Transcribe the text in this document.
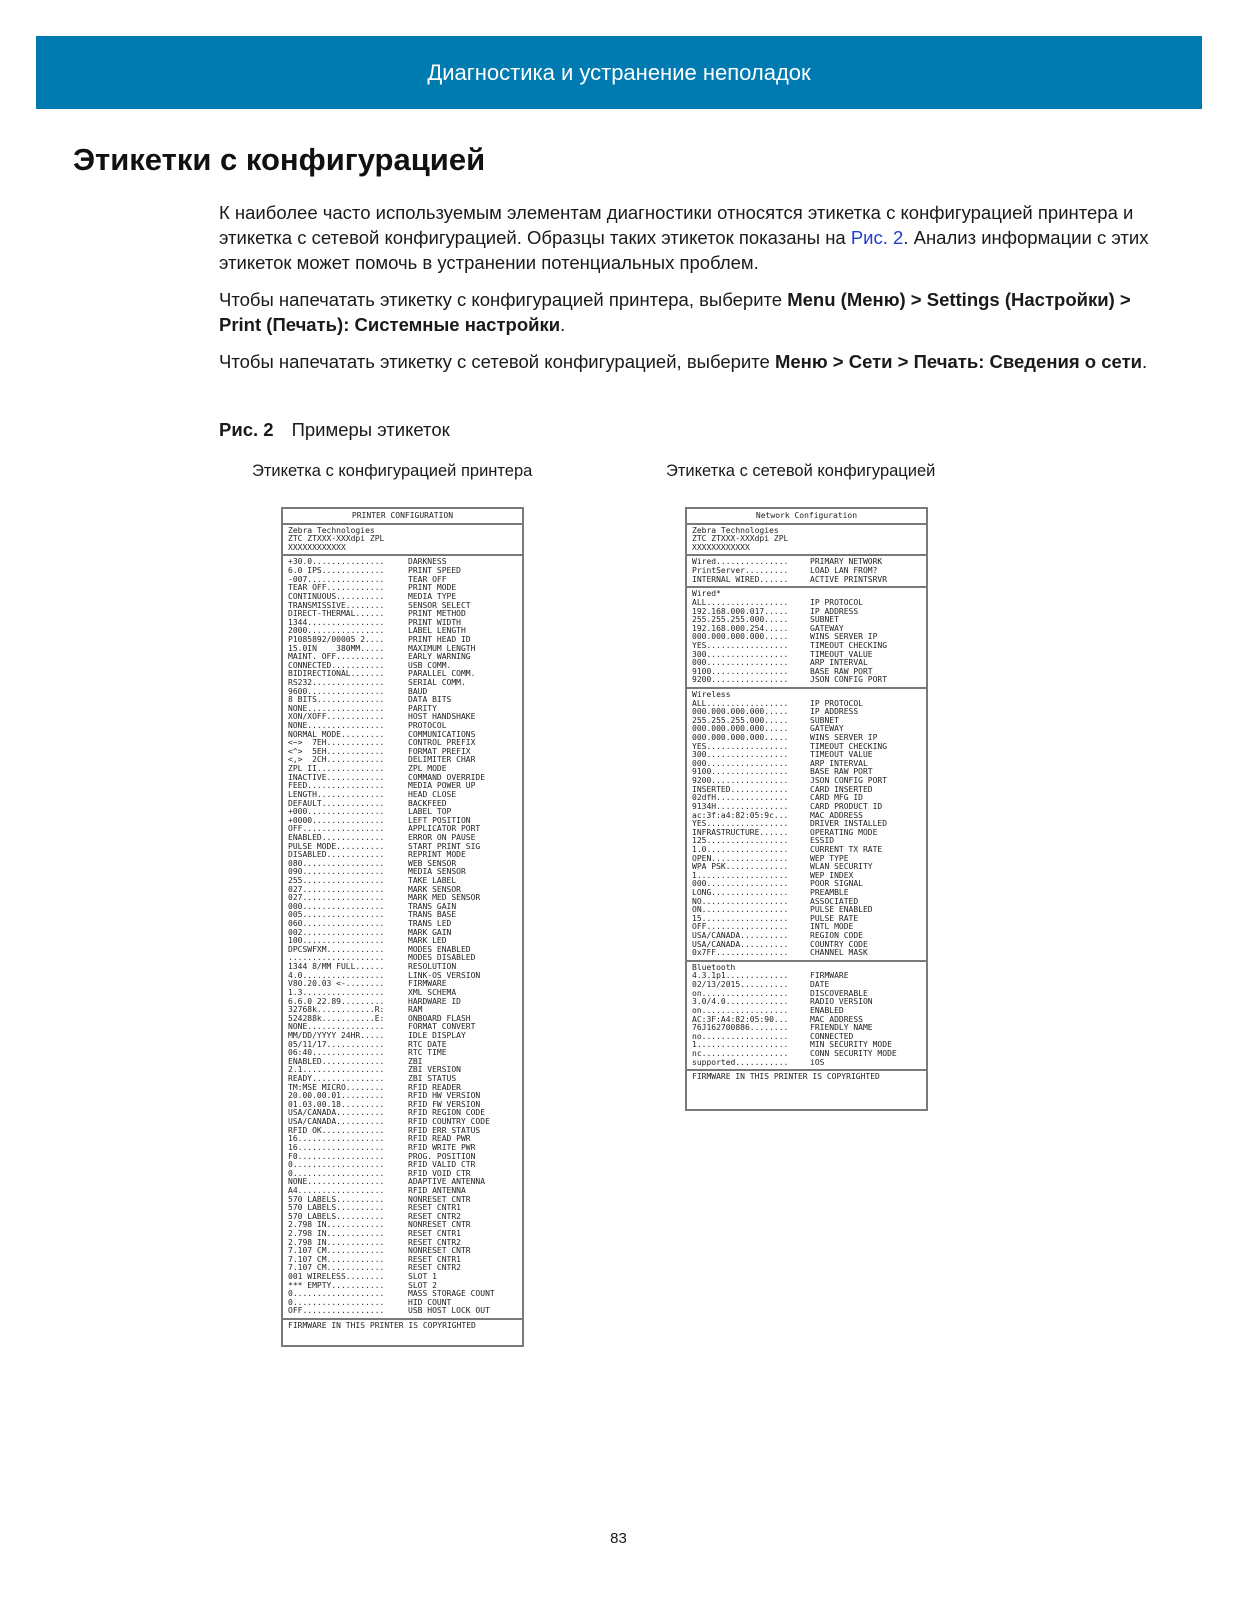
Диагностика и устранение неполадок
Этикетки с конфигурацией

К наиболее часто используемым элементам диагностики относятся этикетка с конфигурацией принтера и этикетка с сетевой конфигурацией. Образцы таких этикеток показаны на Рис. 2. Анализ информации с этих этикеток может помочь в устранении потенциальных проблем.

Чтобы напечатать этикетку с конфигурацией принтера, выберите Menu (Меню) > Settings (Настройки) > Print (Печать): Системные настройки.

Чтобы напечатать этикетку с сетевой конфигурацией, выберите Меню > Сети > Печать: Сведения о сети.

Рис. 2 Примеры этикеток
Этикетка с конфигурацией принтера	Этикетка с сетевой конфигурацией
PRINTER CONFIGURATION
Zebra Technologies
ZTC ZTXXX-XXXdpi ZPL
XXXXXXXXXXXX
+30.0...............	DARKNESS
6.0 IPS.............	PRINT SPEED
-007................	TEAR OFF
TEAR OFF............	PRINT MODE
CONTINUOUS..........	MEDIA TYPE
TRANSMISSIVE........	SENSOR SELECT
DIRECT-THERMAL......	PRINT METHOD
1344................	PRINT WIDTH
2000................	LABEL LENGTH
P1085892/00005 2....	PRINT HEAD ID
15.0IN    380MM.....	MAXIMUM LENGTH
MAINT. OFF..........	EARLY WARNING
CONNECTED...........	USB COMM.
BIDIRECTIONAL.......	PARALLEL COMM.
RS232...............	SERIAL COMM.
9600................	BAUD
8 BITS..............	DATA BITS
NONE................	PARITY
XON/XOFF............	HOST HANDSHAKE
NONE................	PROTOCOL
NORMAL MODE.........	COMMUNICATIONS
<~>  7EH............	CONTROL PREFIX
<^>  5EH............	FORMAT PREFIX
<,>  2CH............	DELIMITER CHAR
ZPL II..............	ZPL MODE
INACTIVE............	COMMAND OVERRIDE
FEED................	MEDIA POWER UP
LENGTH..............	HEAD CLOSE
DEFAULT.............	BACKFEED
+000................	LABEL TOP
+0000...............	LEFT POSITION
OFF.................	APPLICATOR PORT
ENABLED.............	ERROR ON PAUSE
PULSE MODE..........	START PRINT SIG
DISABLED............	REPRINT MODE
080.................	WEB SENSOR
090.................	MEDIA SENSOR
255.................	TAKE LABEL
027.................	MARK SENSOR
027.................	MARK MED SENSOR
000.................	TRANS GAIN
005.................	TRANS BASE
060.................	TRANS LED
002.................	MARK GAIN
100.................	MARK LED
DPCSWFXM............	MODES ENABLED
....................	MODES DISABLED
1344 8/MM FULL......	RESOLUTION
4.0.................	LINK-OS VERSION
V80.20.03 <-........	FIRMWARE
1.3.................	XML SCHEMA
6.6.0 22.89.........	HARDWARE ID
32768k............R:	RAM
524288k...........E:	ONBOARD FLASH
NONE................	FORMAT CONVERT
MM/DD/YYYY 24HR.....	IDLE DISPLAY
05/11/17............	RTC DATE
06:40...............	RTC TIME
ENABLED.............	ZBI
2.1.................	ZBI VERSION
READY...............	ZBI STATUS
TM:MSE MICRO........	RFID READER
20.00.00.01.........	RFID HW VERSION
01.03.00.18.........	RFID FW VERSION
USA/CANADA..........	RFID REGION CODE
USA/CANADA..........	RFID COUNTRY CODE
RFID OK.............	RFID ERR STATUS
16..................	RFID READ PWR
16..................	RFID WRITE PWR
F0..................	PROG. POSITION
0...................	RFID VALID CTR
0...................	RFID VOID CTR
NONE................	ADAPTIVE ANTENNA
A4..................	RFID ANTENNA
570 LABELS..........	NONRESET CNTR
570 LABELS..........	RESET CNTR1
570 LABELS..........	RESET CNTR2
2.798 IN............	NONRESET CNTR
2.798 IN............	RESET CNTR1
2.798 IN............	RESET CNTR2
7.107 CM............	NONRESET CNTR
7.107 CM............	RESET CNTR1
7.107 CM............	RESET CNTR2
001 WIRELESS........	SLOT 1
*** EMPTY...........	SLOT 2
0...................	MASS STORAGE COUNT
0...................	HID COUNT
OFF.................	USB HOST LOCK OUT
FIRMWARE IN THIS PRINTER IS COPYRIGHTED
Network Configuration
Zebra Technologies
ZTC ZTXXX-XXXdpi ZPL
XXXXXXXXXXXX
Wired...............	PRIMARY NETWORK
PrintServer.........	LOAD LAN FROM?
INTERNAL WIRED......	ACTIVE PRINTSRVR
Wired*
ALL.................	IP PROTOCOL
192.168.000.017.....	IP ADDRESS
255.255.255.000.....	SUBNET
192.168.000.254.....	GATEWAY
000.000.000.000.....	WINS SERVER IP
YES.................	TIMEOUT CHECKING
300.................	TIMEOUT VALUE
000.................	ARP INTERVAL
9100................	BASE RAW PORT
9200................	JSON CONFIG PORT
Wireless
ALL.................	IP PROTOCOL
000.000.000.000.....	IP ADDRESS
255.255.255.000.....	SUBNET
000.000.000.000.....	GATEWAY
000.000.000.000.....	WINS SERVER IP
YES.................	TIMEOUT CHECKING
300.................	TIMEOUT VALUE
000.................	ARP INTERVAL
9100................	BASE RAW PORT
9200................	JSON CONFIG PORT
INSERTED............	CARD INSERTED
02dfH...............	CARD MFG ID
9134H...............	CARD PRODUCT ID
ac:3f:a4:82:05:9c...	MAC ADDRESS
YES.................	DRIVER INSTALLED
INFRASTRUCTURE......	OPERATING MODE
125.................	ESSID
1.0.................	CURRENT TX RATE
OPEN................	WEP TYPE
WPA PSK.............	WLAN SECURITY
1...................	WEP INDEX
000.................	POOR SIGNAL
LONG................	PREAMBLE
NO..................	ASSOCIATED
ON..................	PULSE ENABLED
15..................	PULSE RATE
OFF.................	INTL MODE
USA/CANADA..........	REGION CODE
USA/CANADA..........	COUNTRY CODE
0x7FF...............	CHANNEL MASK
Bluetooth
4.3.1p1.............	FIRMWARE
02/13/2015..........	DATE
on..................	DISCOVERABLE
3.0/4.0.............	RADIO VERSION
on..................	ENABLED
AC:3F:A4:82:05:90...	MAC ADDRESS
76J162700886........	FRIENDLY NAME
no..................	CONNECTED
1...................	MIN SECURITY MODE
nc..................	CONN SECURITY MODE
supported...........	iOS
FIRMWARE IN THIS PRINTER IS COPYRIGHTED
83
